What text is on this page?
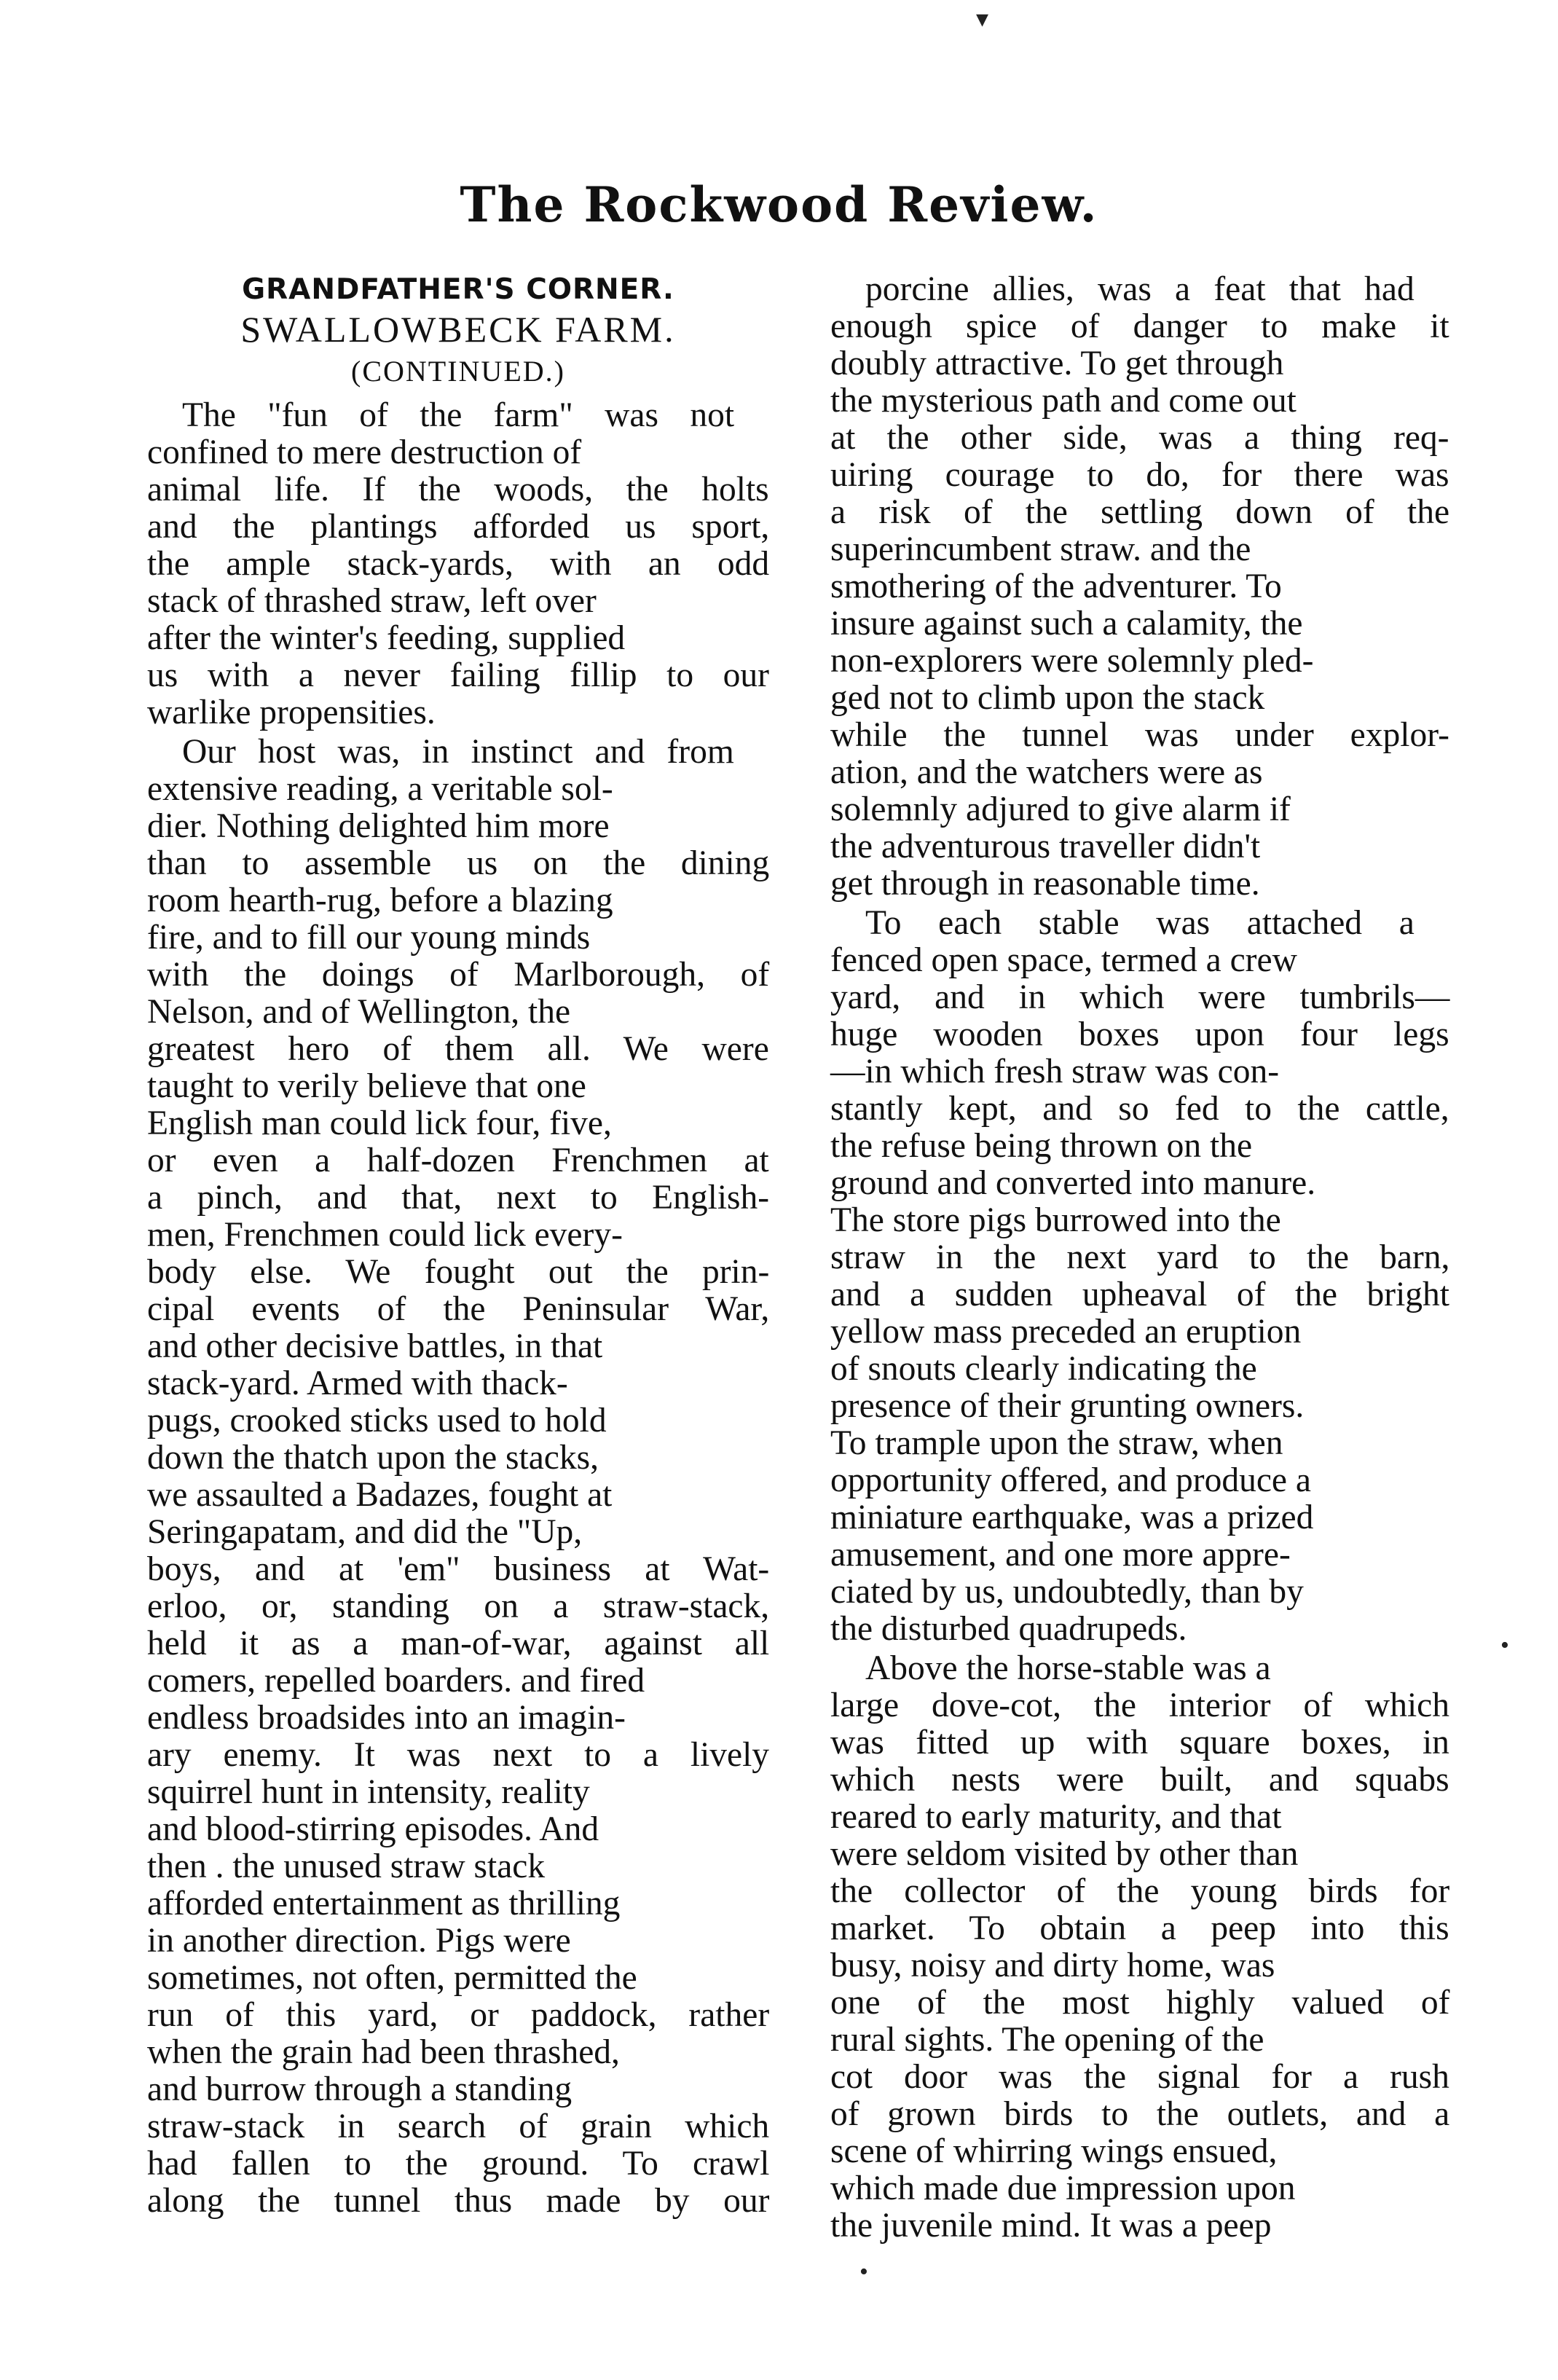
The Rockwood Review.
GRANDFATHER'S CORNER.
SWALLOWBECK FARM.
(CONTINUED.)
The "fun of the farm" was not
confined to mere destruction of
animal life. If the woods, the holts
and the plantings afforded us sport,
the ample stack-yards, with an odd
stack of thrashed straw, left over
after the winter's feeding, supplied
us with a never failing fillip to our
warlike propensities.
Our host was, in instinct and from
extensive reading, a veritable sol-
dier. Nothing delighted him more
than to assemble us on the dining
room hearth-rug, before a blazing
fire, and to fill our young minds
with the doings of Marlborough, of
Nelson, and of Wellington, the
greatest hero of them all. We were
taught to verily believe that one
English man could lick four, five,
or even a half-dozen Frenchmen at
a pinch, and that, next to English-
men, Frenchmen could lick every-
body else. We fought out the prin-
cipal events of the Peninsular War,
and other decisive battles, in that
stack-yard. Armed with thack-
pugs, crooked sticks used to hold
down the thatch upon the stacks,
we assaulted a Badazes, fought at
Seringapatam, and did the "Up,
boys, and at 'em" business at Wat-
erloo, or, standing on a straw-stack,
held it as a man-of-war, against all
comers, repelled boarders. and fired
endless broadsides into an imagin-
ary enemy. It was next to a lively
squirrel hunt in intensity, reality
and blood-stirring episodes. And
then . the unused straw stack
afforded entertainment as thrilling
in another direction. Pigs were
sometimes, not often, permitted the
run of this yard, or paddock, rather
when the grain had been thrashed,
and burrow through a standing
straw-stack in search of grain which
had fallen to the ground. To crawl
along the tunnel thus made by our
porcine allies, was a feat that had
enough spice of danger to make it
doubly attractive. To get through
the mysterious path and come out
at the other side, was a thing req-
uiring courage to do, for there was
a risk of the settling down of the
superincumbent straw. and the
smothering of the adventurer. To
insure against such a calamity, the
non-explorers were solemnly pled-
ged not to climb upon the stack
while the tunnel was under explor-
ation, and the watchers were as
solemnly adjured to give alarm if
the adventurous traveller didn't
get through in reasonable time.
To each stable was attached a
fenced open space, termed a crew
yard, and in which were tumbrils—
huge wooden boxes upon four legs
—in which fresh straw was con-
stantly kept, and so fed to the cattle,
the refuse being thrown on the
ground and converted into manure.
The store pigs burrowed into the
straw in the next yard to the barn,
and a sudden upheaval of the bright
yellow mass preceded an eruption
of snouts clearly indicating the
presence of their grunting owners.
To trample upon the straw, when
opportunity offered, and produce a
miniature earthquake, was a prized
amusement, and one more appre-
ciated by us, undoubtedly, than by
the disturbed quadrupeds.
Above the horse-stable was a
large dove-cot, the interior of which
was fitted up with square boxes, in
which nests were built, and squabs
reared to early maturity, and that
were seldom visited by other than
the collector of the young birds for
market. To obtain a peep into this
busy, noisy and dirty home, was
one of the most highly valued of
rural sights. The opening of the
cot door was the signal for a rush
of grown birds to the outlets, and a
scene of whirring wings ensued,
which made due impression upon
the juvenile mind. It was a peep
▾
•
•
